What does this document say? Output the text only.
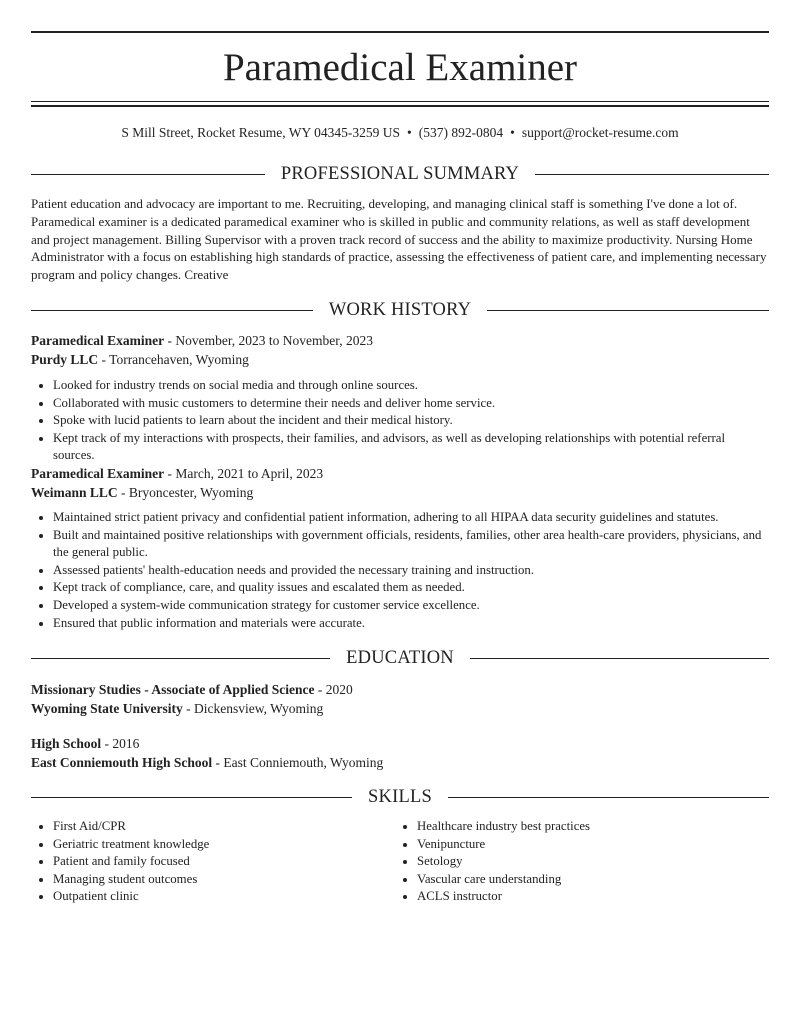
Paramedical Examiner
S Mill Street, Rocket Resume, WY 04345-3259 US • (537) 892-0804 • support@rocket-resume.com
PROFESSIONAL SUMMARY
Patient education and advocacy are important to me. Recruiting, developing, and managing clinical staff is something I've done a lot of. Paramedical examiner is a dedicated paramedical examiner who is skilled in public and community relations, as well as staff development and project management. Billing Supervisor with a proven track record of success and the ability to maximize productivity. Nursing Home Administrator with a focus on establishing high standards of practice, assessing the effectiveness of patient care, and implementing necessary program and policy changes. Creative
WORK HISTORY
Paramedical Examiner - November, 2023 to November, 2023
Purdy LLC - Torrancehaven, Wyoming
• Looked for industry trends on social media and through online sources.
• Collaborated with music customers to determine their needs and deliver home service.
• Spoke with lucid patients to learn about the incident and their medical history.
• Kept track of my interactions with prospects, their families, and advisors, as well as developing relationships with potential referral sources.
Paramedical Examiner - March, 2021 to April, 2023
Weimann LLC - Bryoncester, Wyoming
• Maintained strict patient privacy and confidential patient information, adhering to all HIPAA data security guidelines and statutes.
• Built and maintained positive relationships with government officials, residents, families, other area health-care providers, physicians, and the general public.
• Assessed patients' health-education needs and provided the necessary training and instruction.
• Kept track of compliance, care, and quality issues and escalated them as needed.
• Developed a system-wide communication strategy for customer service excellence.
• Ensured that public information and materials were accurate.
EDUCATION
Missionary Studies - Associate of Applied Science - 2020
Wyoming State University - Dickensview, Wyoming
High School - 2016
East Conniemouth High School - East Conniemouth, Wyoming
SKILLS
• First Aid/CPR
• Geriatric treatment knowledge
• Patient and family focused
• Managing student outcomes
• Outpatient clinic
• Healthcare industry best practices
• Venipuncture
• Setology
• Vascular care understanding
• ACLS instructor
